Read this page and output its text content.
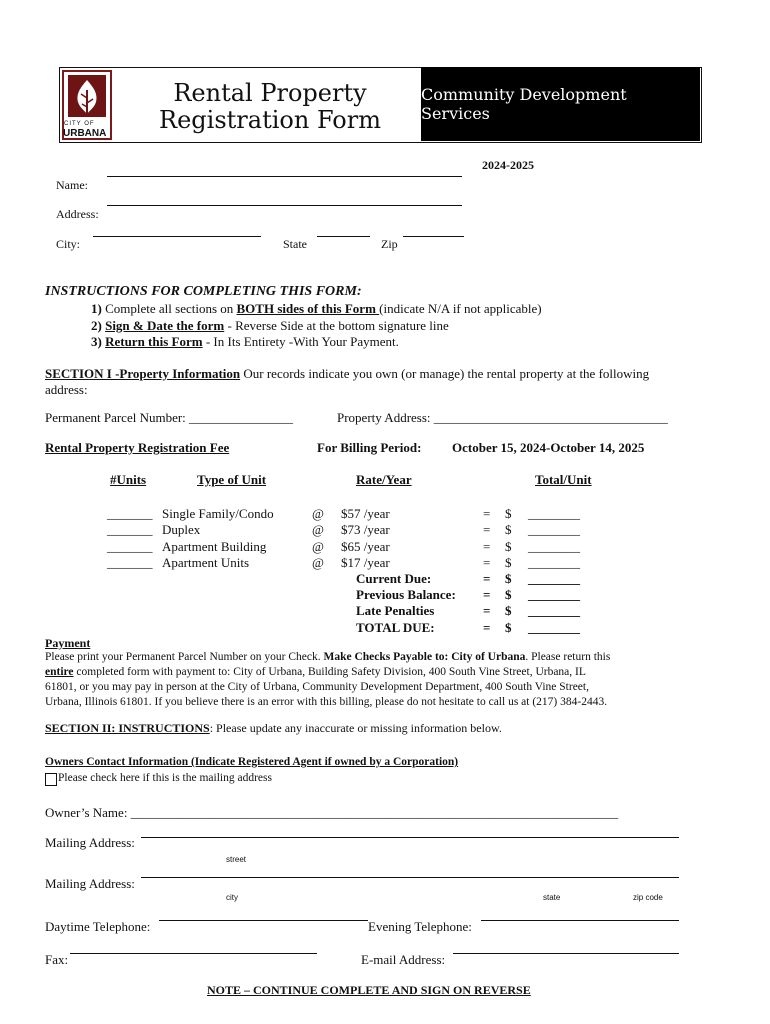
CITY OF
URBANA
Rental Property
Registration Form
Community Development Services
2024-2025
Name:
Address:
City:	State	Zip
INSTRUCTIONS FOR COMPLETING THIS FORM:
1) Complete all sections on BOTH sides of this Form (indicate N/A if not applicable)
2) Sign & Date the form - Reverse Side at the bottom signature line
3) Return this Form - In Its Entirety -With Your Payment.
SECTION I -Property Information Our records indicate you own (or manage) the rental property at the following
address:
Permanent Parcel Number: ________________	Property Address: ____________________________________
Rental Property Registration Fee	For Billing Period: October 15, 2024-October 14, 2025
#Units	Type of Unit	Rate/Year	Total/Unit
_______ Single Family/Condo	@ $57 /year	= $ ________
_______ Duplex	@ $73 /year	= $ ________
_______ Apartment Building	@ $65 /year	= $ ________
_______ Apartment Units	@ $17 /year	= $ ________
Current Due:	= $ ________
Previous Balance: = $ ________
Late Penalties	= $ ________
TOTAL DUE:	= $ ________
Payment
Please print your Permanent Parcel Number on your Check. Make Checks Payable to: City of Urbana. Please return this
entire completed form with payment to: City of Urbana, Building Safety Division, 400 South Vine Street, Urbana, IL
61801, or you may pay in person at the City of Urbana, Community Development Department, 400 South Vine Street,
Urbana, Illinois 61801. If you believe there is an error with this billing, please do not hesitate to call us at (217) 384-2443.
SECTION II: INSTRUCTIONS: Please update any inaccurate or missing information below.
Owners Contact Information (Indicate Registered Agent if owned by a Corporation)
Please check here if this is the mailing address
Owner’s Name: ___________________________________________________________________________
Mailing Address:
street
Mailing Address:
city	state	zip code
Daytime Telephone:	Evening Telephone:
Fax:	E-mail Address:
NOTE – CONTINUE COMPLETE AND SIGN ON REVERSE
